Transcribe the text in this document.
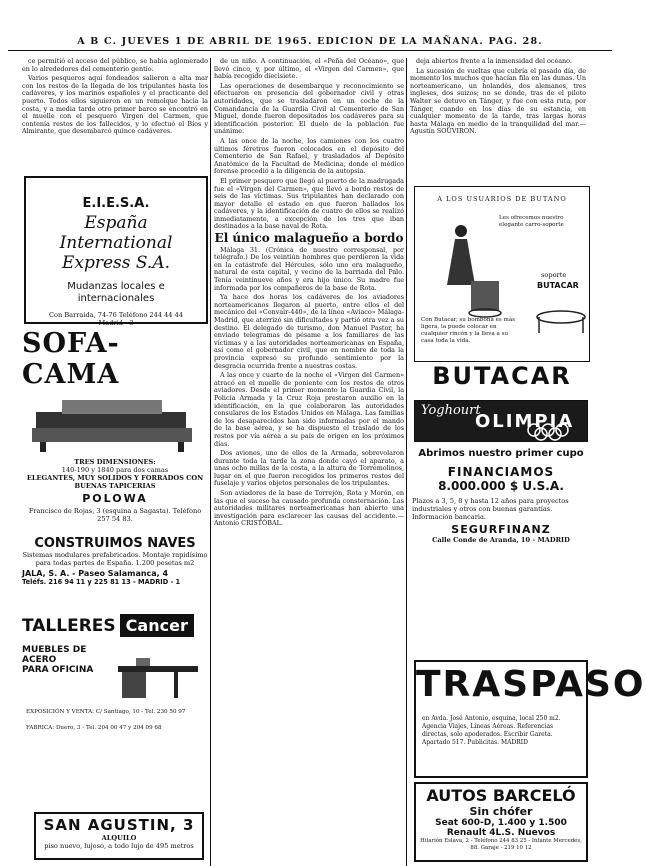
A B C. JUEVES 1 DE ABRIL DE 1965. EDICION DE LA MAÑANA. PAG. 28.

ce permitió el acceso del público, se había aglomerado en lo alrededores del cementerio gentío.

Varios pesqueros aquí fondeados salieron a alta mar con los restos de la llegada de los tripulantes hasta los cadáveres, y los marinos españoles y el practicante del puerto. Todos ellos siguieron en un remolque hacia la costa, y a media tarde otro primer barco se encontró en el muelle con el pesquero Virgen del Carmen, que contenía restos de los fallecidos, y lo efectuó el Bíos y Almirante, que desembarcó quince cadáveres.

de un niño. A continuación, el «Peña del Océano», que llevó cinco, y, por último, el «Virgen del Carmen», que había recogido diecisiete.

Las operaciones de desembarque y reconocimiento se efectuaron en presencia del gobernador civil y otras autoridades, que se trasladaron en un coche de la Comandancia de la Guardia Civil al Cementerio de San Miguel, donde fueron depositados los cadáveres para su identificación posterior. El duelo de la población fue unánime.

A las once de la noche, los camiones con los cuatro últimos féretros fueron colocados en el depósito del Cementerio de San Rafael, y trasladados al Depósito Anatómico de la Facultad de Medicina, donde el médico forense procedió a la diligencia de la autopsia.

El primer pesquero que llegó al puerto de la madrugada fue el «Virgen del Carmen», que llevó a bordo restos de seis de las víctimas. Sus tripulantes han declarado con mayor detalle el estado en que fueron hallados los cadáveres, y la identificación de cuatro de ellos se realizó inmediatamente, a excepción de los tres que iban destinados a la base naval de Rota.

El único malagueño a bordo

Málaga 31. (Crónica de nuestro corresponsal, por telégrafo.) De los veintiún hombres que perdieron la vida en la catástrofe del Hércules, sólo uno era malagueño, natural de esta capital, y vecino de la barriada del Palo. Tenía veintinueve años y era hijo único. Su madre fue informada por los compañeros de la base de Rota.

Ya hace dos horas los cadáveres de los aviadores norteamericanos llegaron al puerto, entre ellos el del mecánico del «Convair-440», de la línea «Aviaco» Málaga-Madrid, que aterrizó sin dificultades y partió otra vez a su destino. El delegado de turismo, don Manuel Pastor, ha enviado telegramas de pésame a los familiares de las víctimas y a las autoridades norteamericanas en España, así como el gobernador civil, que en nombre de toda la provincia expresó su profundo sentimiento por la desgracia ocurrida frente a nuestras costas.

A las once y cuarto de la noche el «Virgen del Carmen» atracó en el muelle de poniente con los restos de otros aviadores. Desde el primer momento la Guardia Civil, la Policía Armada y la Cruz Roja prestaron auxilio en la identificación, en la que colaboraron las autoridades consulares de los Estados Unidos en Málaga. Las familias de los desaparecidos han sido informadas por el mando de la base aérea, y se ha dispuesto el traslado de los restos por vía aérea a su país de origen en los próximos días.

Dos aviones, uno de ellos de la Armada, sobrevolaron durante toda la tarde la zona donde cayó el aparato, a unas ocho millas de la costa, a la altura de Torremolinos, lugar en el que fueron recogidos los primeros restos del fuselaje y varios objetos personales de los tripulantes.

Son aviadores de la base de Torrejón, Rota y Morón, en las que el suceso ha causado profunda consternación. Las autoridades militares norteamericanas han abierto una investigación para esclarecer las causas del accidente.—Antonio CRISTÓBAL.

deja abiertos frente a la inmensidad del océano.

La sucesión de vueltas que cubría el pasado día, de momento los muchos que hacían fila en las dunas. Un norteamericano, un holandés, dos alemanes, tres ingleses, dos suizos; no se dónde, tras de el piloto Walter se detuvo en Tánger, y fue con esta ruta, por Tánger, cuando en los días de su estancia, en cualquier momento de la tarde, tras largas horas hasta Málaga en medio de la tranquilidad del mar.—Agustín SOUVIRON.

E.I.E.S.A.
España International
Express S.A.
Mudanzas locales e internacionales
Con Barraida, 74-76 Teléfono 244 44 44
Madrid - 3
SOFA-CAMA
TRES DIMENSIONES:
140-190 y 1840 para dos camas
ELEGANTES, MUY SOLIDOS Y FORRADOS CON BUENAS TAPICERIAS
POLOWA
Francisco de Rojas, 3 (esquina a Sagasta). Teléfono 257 54 83.
CONSTRUIMOS NAVES
Sistemas modulares prefabricados. Montaje rapidísimo para todas partes de España. 1.200 pesetas m2
JALA, S. A. - Paseo Salamanca, 4
Teléfs. 216 94 11 y 225 81 13 - MADRID - 1
TALLERES Cancer
MUEBLES DE
ACERO
PARA OFICINA
EXPOSICIÓN Y VENTA: C/ Santiago, 10 - Tel. 230 50 97
FABRICA: Duero, 3 - Tel. 204 00 47 y 204 09 68
SAN AGUSTIN, 3
ALQUILO
piso nuevo, lujoso, a todo lujo de 495 metros
A LOS USUARIOS DE BUTANO
Les ofrecemos nuestro elegante carro-soporte
soporte
BUTACAR
Con Butacar, su bombona es más ligera, la puede colocar en cualquier rincón y la lleva a su casa toda la vida.
BUTACAR
Yoghourt
OLIMPIA
Abrimos nuestro primer cupo
FINANCIAMOS
8.000.000 $ U.S.A.
Plazos a 3, 5, 8 y hasta 12 años para proyectos industriales y otros con buenas garantías. Información bancaria.
SEGURFINANZ
Calle Conde de Aranda, 10 - MADRID
TRASPASO
en Avda. José Antonio, esquina, local 250 m2. Agencia Viajes, Líneas Aéreas. Referencias directas, solo apoderados. Escribir Gareta. Apartado 517. Publicitas. MADRID
AUTOS BARCELÓ
Sin chófer
Seat 600-D, 1.400 y 1.500
Renault 4L.S. Nuevos
Hilarión Eslava, 2 - Teléfono 244 83 25 - Infante Mercedes, 88. Garaje - 219 10 12
